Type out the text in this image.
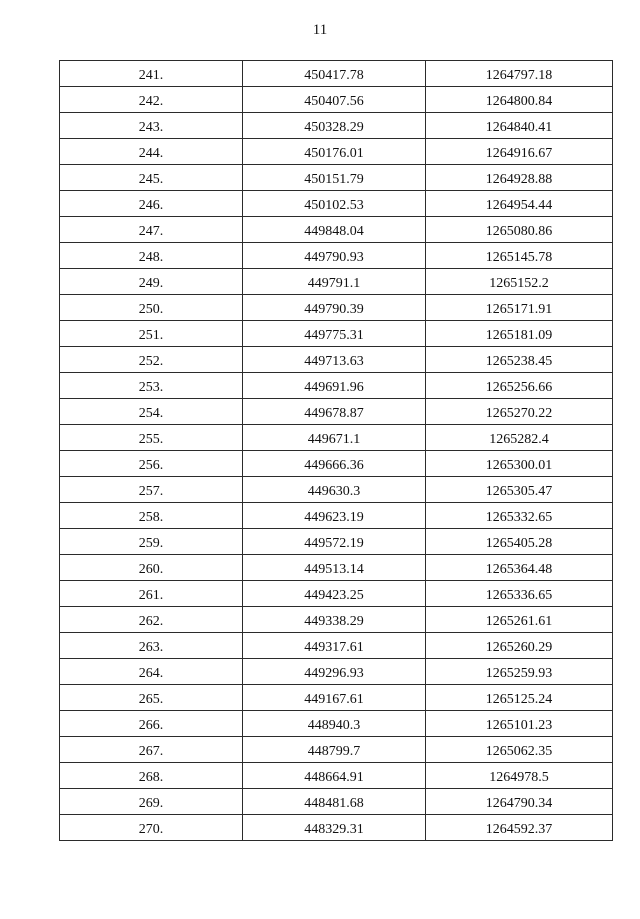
11
241.	450417.78	1264797.18
242.	450407.56	1264800.84
243.	450328.29	1264840.41
244.	450176.01	1264916.67
245.	450151.79	1264928.88
246.	450102.53	1264954.44
247.	449848.04	1265080.86
248.	449790.93	1265145.78
249.	449791.1	1265152.2
250.	449790.39	1265171.91
251.	449775.31	1265181.09
252.	449713.63	1265238.45
253.	449691.96	1265256.66
254.	449678.87	1265270.22
255.	449671.1	1265282.4
256.	449666.36	1265300.01
257.	449630.3	1265305.47
258.	449623.19	1265332.65
259.	449572.19	1265405.28
260.	449513.14	1265364.48
261.	449423.25	1265336.65
262.	449338.29	1265261.61
263.	449317.61	1265260.29
264.	449296.93	1265259.93
265.	449167.61	1265125.24
266.	448940.3	1265101.23
267.	448799.7	1265062.35
268.	448664.91	1264978.5
269.	448481.68	1264790.34
270.	448329.31	1264592.37
